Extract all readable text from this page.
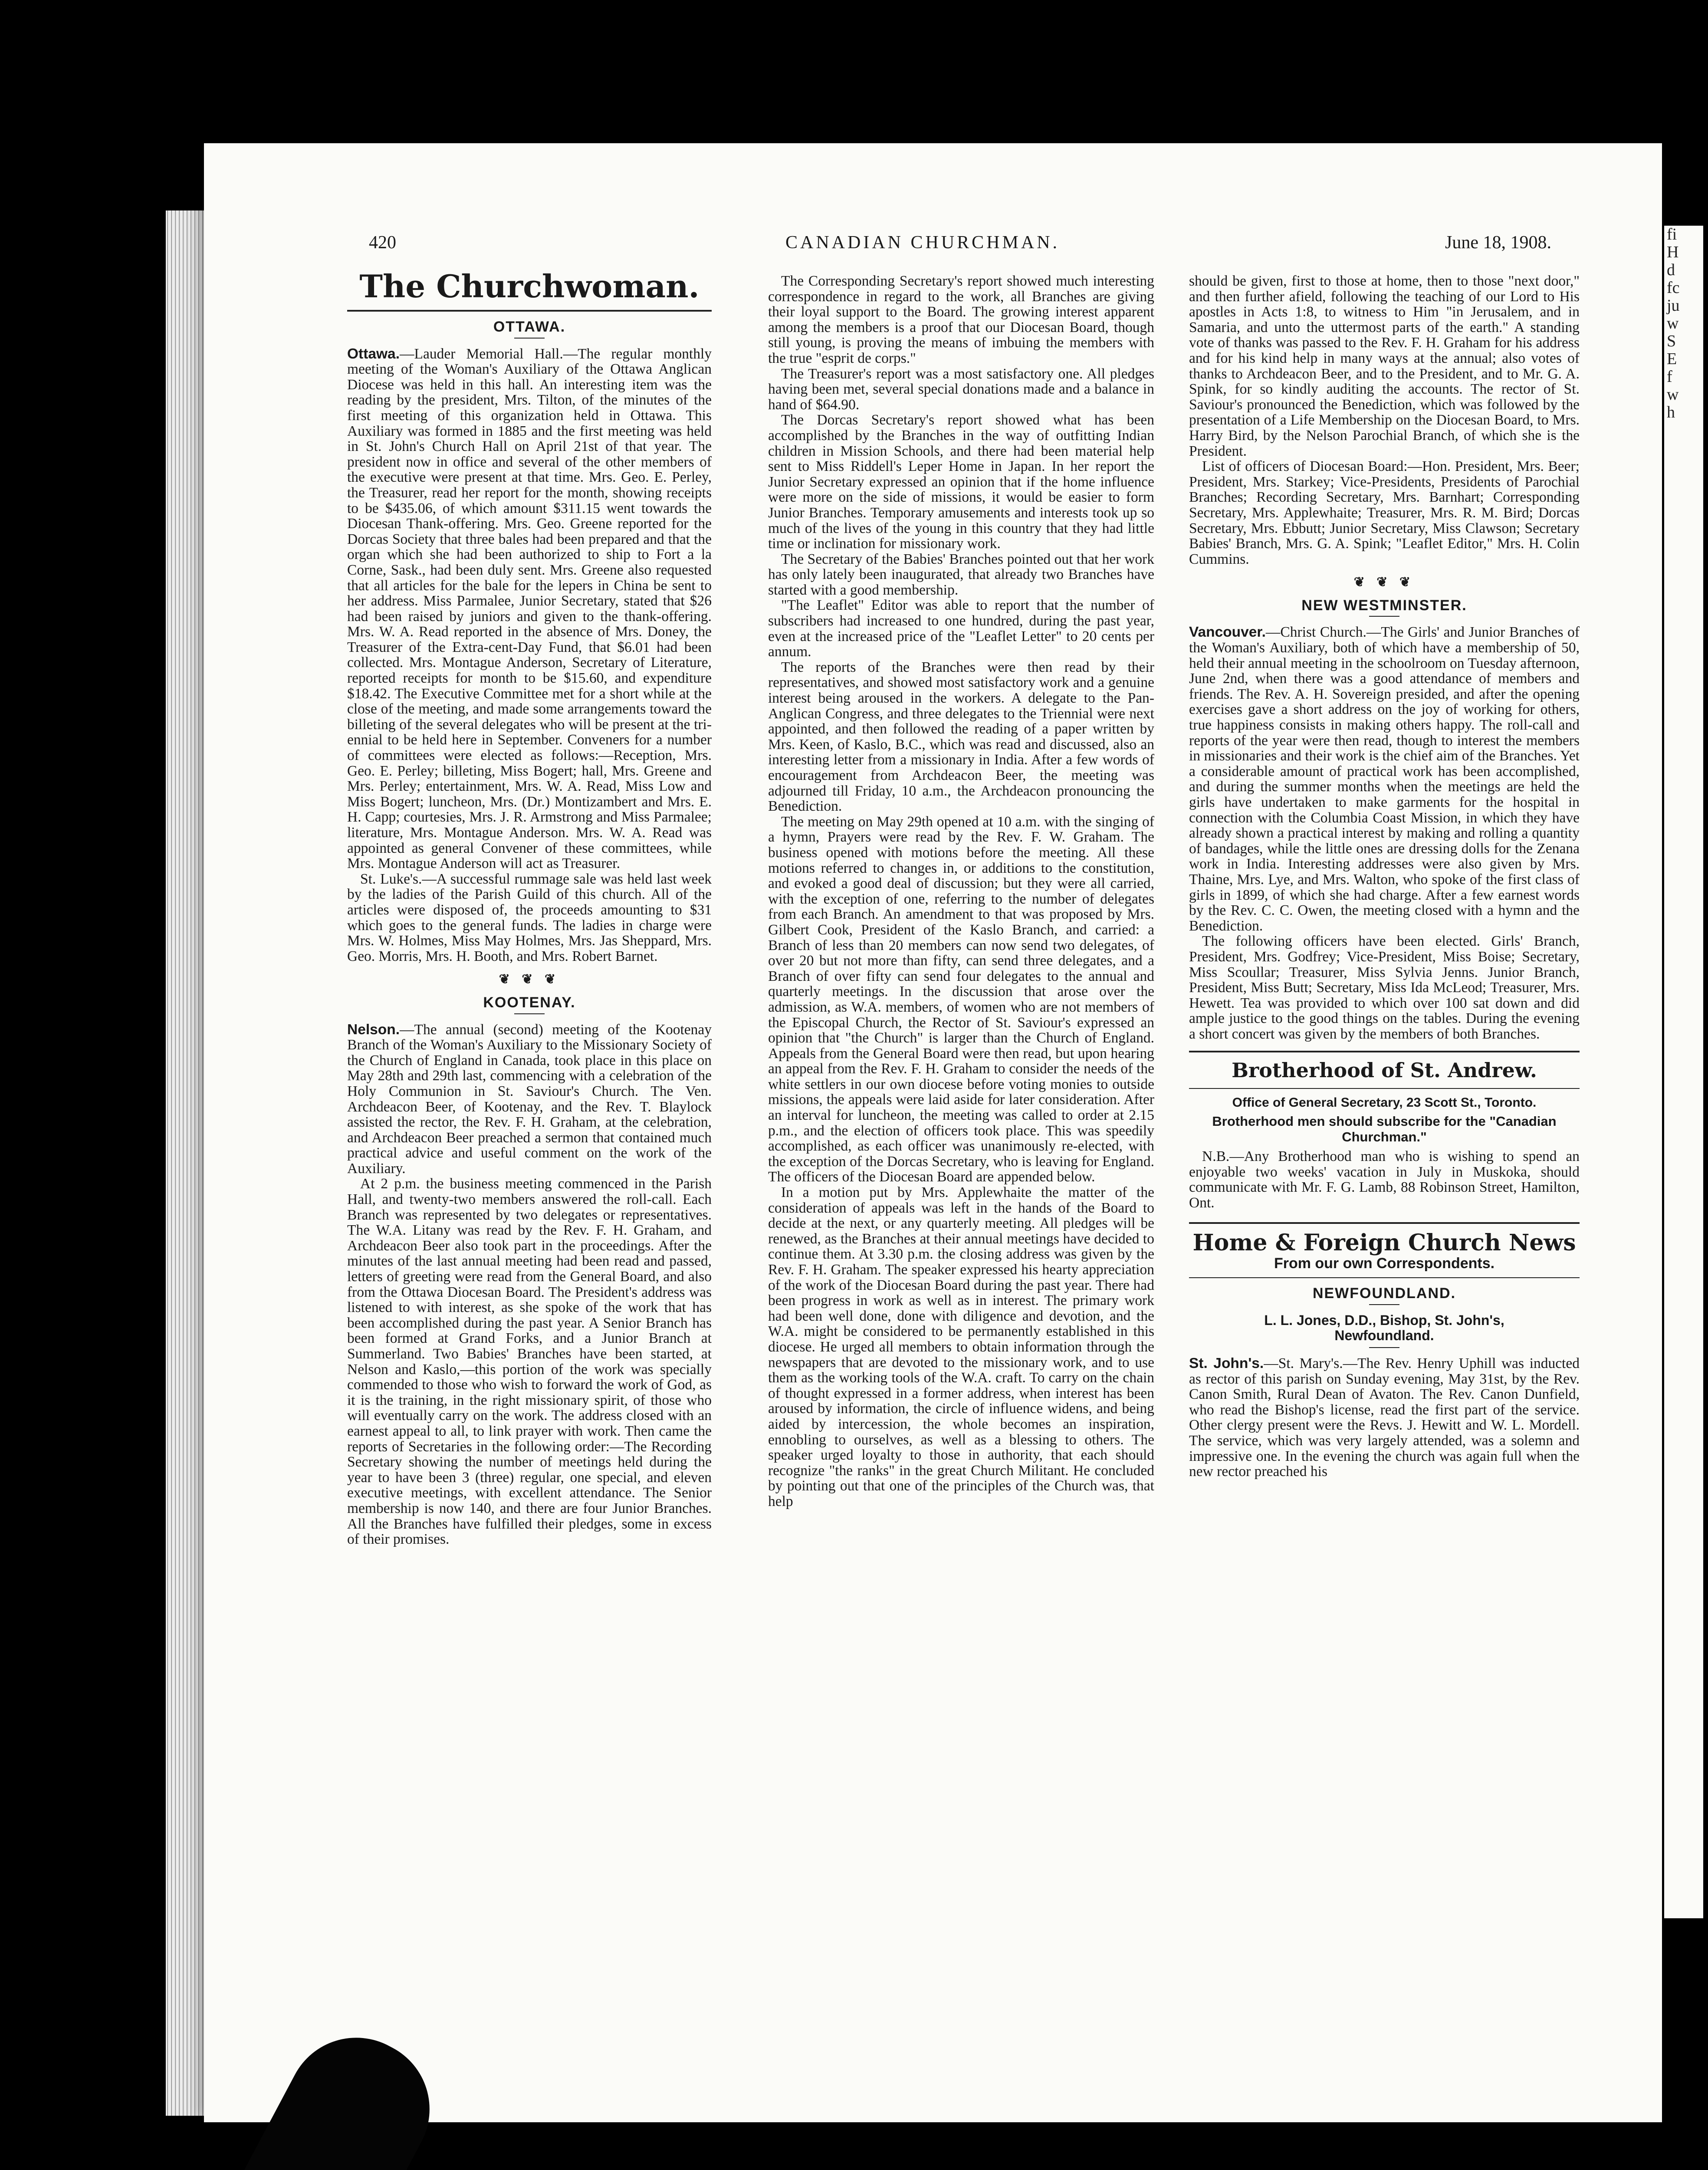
fi
H
d
fc
ju
w
S
E
f
w
h
420	CANADIAN CHURCHMAN.	June 18, 1908.
The Churchwoman.
OTTAWA.

Ottawa.—Lauder Memorial Hall.—The regular monthly meeting of the Woman's Auxiliary of the Ottawa Anglican Diocese was held in this hall. An interesting item was the reading by the president, Mrs. Tilton, of the minutes of the first meeting of this organization held in Ottawa. This Auxiliary was formed in 1885 and the first meeting was held in St. John's Church Hall on April 21st of that year. The president now in office and several of the other members of the executive were present at that time. Mrs. Geo. E. Perley, the Treasurer, read her report for the month, showing receipts to be $435.06, of which amount $311.15 went towards the Diocesan Thank-offering. Mrs. Geo. Greene reported for the Dorcas Society that three bales had been prepared and that the organ which she had been authorized to ship to Fort a la Corne, Sask., had been duly sent. Mrs. Greene also requested that all articles for the bale for the lepers in China be sent to her address. Miss Parmalee, Junior Secretary, stated that $26 had been raised by juniors and given to the thank-offering. Mrs. W. A. Read reported in the absence of Mrs. Doney, the Treasurer of the Extra-cent-Day Fund, that $6.01 had been collected. Mrs. Montague Anderson, Secretary of Literature, reported receipts for month to be $15.60, and expenditure $18.42. The Executive Committee met for a short while at the close of the meeting, and made some arrangements toward the billeting of the several delegates who will be present at the tri-ennial to be held here in September. Conveners for a number of committees were elected as follows:—Reception, Mrs. Geo. E. Perley; billeting, Miss Bogert; hall, Mrs. Greene and Mrs. Perley; entertainment, Mrs. W. A. Read, Miss Low and Miss Bogert; luncheon, Mrs. (Dr.) Montizambert and Mrs. E. H. Capp; courtesies, Mrs. J. R. Armstrong and Miss Parmalee; literature, Mrs. Montague Anderson. Mrs. W. A. Read was appointed as general Convener of these committees, while Mrs. Montague Anderson will act as Treasurer.

St. Luke's.—A successful rummage sale was held last week by the ladies of the Parish Guild of this church. All of the articles were disposed of, the proceeds amounting to $31 which goes to the general funds. The ladies in charge were Mrs. W. Holmes, Miss May Holmes, Mrs. Jas Sheppard, Mrs. Geo. Morris, Mrs. H. Booth, and Mrs. Robert Barnet.

❦ ❦ ❦
KOOTENAY.

Nelson.—The annual (second) meeting of the Kootenay Branch of the Woman's Auxiliary to the Missionary Society of the Church of England in Canada, took place in this place on May 28th and 29th last, commencing with a celebration of the Holy Communion in St. Saviour's Church. The Ven. Archdeacon Beer, of Kootenay, and the Rev. T. Blaylock assisted the rector, the Rev. F. H. Graham, at the celebration, and Archdeacon Beer preached a sermon that contained much practical advice and useful comment on the work of the Auxiliary.

At 2 p.m. the business meeting commenced in the Parish Hall, and twenty-two members answered the roll-call. Each Branch was represented by two delegates or representatives. The W.A. Litany was read by the Rev. F. H. Graham, and Archdeacon Beer also took part in the proceedings. After the minutes of the last annual meeting had been read and passed, letters of greeting were read from the General Board, and also from the Ottawa Diocesan Board. The President's address was listened to with interest, as she spoke of the work that has been accomplished during the past year. A Senior Branch has been formed at Grand Forks, and a Junior Branch at Summerland. Two Babies' Branches have been started, at Nelson and Kaslo,—this portion of the work was specially commended to those who wish to forward the work of God, as it is the training, in the right missionary spirit, of those who will eventually carry on the work. The address closed with an earnest appeal to all, to link prayer with work. Then came the reports of Secretaries in the following order:—The Recording Secretary showing the number of meetings held during the year to have been 3 (three) regular, one special, and eleven executive meetings, with excellent attendance. The Senior membership is now 140, and there are four Junior Branches. All the Branches have fulfilled their pledges, some in excess of their promises.

The Corresponding Secretary's report showed much interesting correspondence in regard to the work, all Branches are giving their loyal support to the Board. The growing interest apparent among the members is a proof that our Diocesan Board, though still young, is proving the means of imbuing the members with the true "esprit de corps."

The Treasurer's report was a most satisfactory one. All pledges having been met, several special donations made and a balance in hand of $64.90.

The Dorcas Secretary's report showed what has been accomplished by the Branches in the way of outfitting Indian children in Mission Schools, and there had been material help sent to Miss Riddell's Leper Home in Japan. In her report the Junior Secretary expressed an opinion that if the home influence were more on the side of missions, it would be easier to form Junior Branches. Temporary amusements and interests took up so much of the lives of the young in this country that they had little time or inclination for missionary work.

The Secretary of the Babies' Branches pointed out that her work has only lately been inaugurated, that already two Branches have started with a good membership.

"The Leaflet" Editor was able to report that the number of subscribers had increased to one hundred, during the past year, even at the increased price of the "Leaflet Letter" to 20 cents per annum.

The reports of the Branches were then read by their representatives, and showed most satisfactory work and a genuine interest being aroused in the workers. A delegate to the Pan-Anglican Congress, and three delegates to the Triennial were next appointed, and then followed the reading of a paper written by Mrs. Keen, of Kaslo, B.C., which was read and discussed, also an interesting letter from a missionary in India. After a few words of encouragement from Archdeacon Beer, the meeting was adjourned till Friday, 10 a.m., the Archdeacon pronouncing the Benediction.

The meeting on May 29th opened at 10 a.m. with the singing of a hymn, Prayers were read by the Rev. F. W. Graham. The business opened with motions before the meeting. All these motions referred to changes in, or additions to the constitution, and evoked a good deal of discussion; but they were all carried, with the exception of one, referring to the number of delegates from each Branch. An amendment to that was proposed by Mrs. Gilbert Cook, President of the Kaslo Branch, and carried: a Branch of less than 20 members can now send two delegates, of over 20 but not more than fifty, can send three delegates, and a Branch of over fifty can send four delegates to the annual and quarterly meetings. In the discussion that arose over the admission, as W.A. members, of women who are not members of the Episcopal Church, the Rector of St. Saviour's expressed an opinion that "the Church" is larger than the Church of England. Appeals from the General Board were then read, but upon hearing an appeal from the Rev. F. H. Graham to consider the needs of the white settlers in our own diocese before voting monies to outside missions, the appeals were laid aside for later consideration. After an interval for luncheon, the meeting was called to order at 2.15 p.m., and the election of officers took place. This was speedily accomplished, as each officer was unanimously re-elected, with the exception of the Dorcas Secretary, who is leaving for England. The officers of the Diocesan Board are appended below.

In a motion put by Mrs. Applewhaite the matter of the consideration of appeals was left in the hands of the Board to decide at the next, or any quarterly meeting. All pledges will be renewed, as the Branches at their annual meetings have decided to continue them. At 3.30 p.m. the closing address was given by the Rev. F. H. Graham. The speaker expressed his hearty appreciation of the work of the Diocesan Board during the past year. There had been progress in work as well as in interest. The primary work had been well done, done with diligence and devotion, and the W.A. might be considered to be permanently established in this diocese. He urged all members to obtain information through the newspapers that are devoted to the missionary work, and to use them as the working tools of the W.A. craft. To carry on the chain of thought expressed in a former address, when interest has been aroused by information, the circle of influence widens, and being aided by intercession, the whole becomes an inspiration, ennobling to ourselves, as well as a blessing to others. The speaker urged loyalty to those in authority, that each should recognize "the ranks" in the great Church Militant. He concluded by pointing out that one of the principles of the Church was, that help

should be given, first to those at home, then to those "next door," and then further afield, following the teaching of our Lord to His apostles in Acts 1:8, to witness to Him "in Jerusalem, and in Samaria, and unto the uttermost parts of the earth." A standing vote of thanks was passed to the Rev. F. H. Graham for his address and for his kind help in many ways at the annual; also votes of thanks to Archdeacon Beer, and to the President, and to Mr. G. A. Spink, for so kindly auditing the accounts. The rector of St. Saviour's pronounced the Benediction, which was followed by the presentation of a Life Membership on the Diocesan Board, to Mrs. Harry Bird, by the Nelson Parochial Branch, of which she is the President.

List of officers of Diocesan Board:—Hon. President, Mrs. Beer; President, Mrs. Starkey; Vice-Presidents, Presidents of Parochial Branches; Recording Secretary, Mrs. Barnhart; Corresponding Secretary, Mrs. Applewhaite; Treasurer, Mrs. R. M. Bird; Dorcas Secretary, Mrs. Ebbutt; Junior Secretary, Miss Clawson; Secretary Babies' Branch, Mrs. G. A. Spink; "Leaflet Editor," Mrs. H. Colin Cummins.

❦ ❦ ❦
NEW WESTMINSTER.

Vancouver.—Christ Church.—The Girls' and Junior Branches of the Woman's Auxiliary, both of which have a membership of 50, held their annual meeting in the schoolroom on Tuesday afternoon, June 2nd, when there was a good attendance of members and friends. The Rev. A. H. Sovereign presided, and after the opening exercises gave a short address on the joy of working for others, true happiness consists in making others happy. The roll-call and reports of the year were then read, though to interest the members in missionaries and their work is the chief aim of the Branches. Yet a considerable amount of practical work has been accomplished, and during the summer months when the meetings are held the girls have undertaken to make garments for the hospital in connection with the Columbia Coast Mission, in which they have already shown a practical interest by making and rolling a quantity of bandages, while the little ones are dressing dolls for the Zenana work in India. Interesting addresses were also given by Mrs. Thaine, Mrs. Lye, and Mrs. Walton, who spoke of the first class of girls in 1899, of which she had charge. After a few earnest words by the Rev. C. C. Owen, the meeting closed with a hymn and the Benediction.

The following officers have been elected. Girls' Branch, President, Mrs. Godfrey; Vice-President, Miss Boise; Secretary, Miss Scoullar; Treasurer, Miss Sylvia Jenns. Junior Branch, President, Miss Butt; Secretary, Miss Ida McLeod; Treasurer, Mrs. Hewett. Tea was provided to which over 100 sat down and did ample justice to the good things on the tables. During the evening a short concert was given by the members of both Branches.

Brotherhood of St. Andrew.
Office of General Secretary, 23 Scott St., Toronto.
Brotherhood men should subscribe for the "Canadian Churchman."

N.B.—Any Brotherhood man who is wishing to spend an enjoyable two weeks' vacation in July in Muskoka, should communicate with Mr. F. G. Lamb, 88 Robinson Street, Hamilton, Ont.

Home & Foreign Church News
From our own Correspondents.
NEWFOUNDLAND.
L. L. Jones, D.D., Bishop, St. John's,
Newfoundland.

St. John's.—St. Mary's.—The Rev. Henry Uphill was inducted as rector of this parish on Sunday evening, May 31st, by the Rev. Canon Smith, Rural Dean of Avaton. The Rev. Canon Dunfield, who read the Bishop's license, read the first part of the service. Other clergy present were the Revs. J. Hewitt and W. L. Mordell. The service, which was very largely attended, was a solemn and impressive one. In the evening the church was again full when the new rector preached his
